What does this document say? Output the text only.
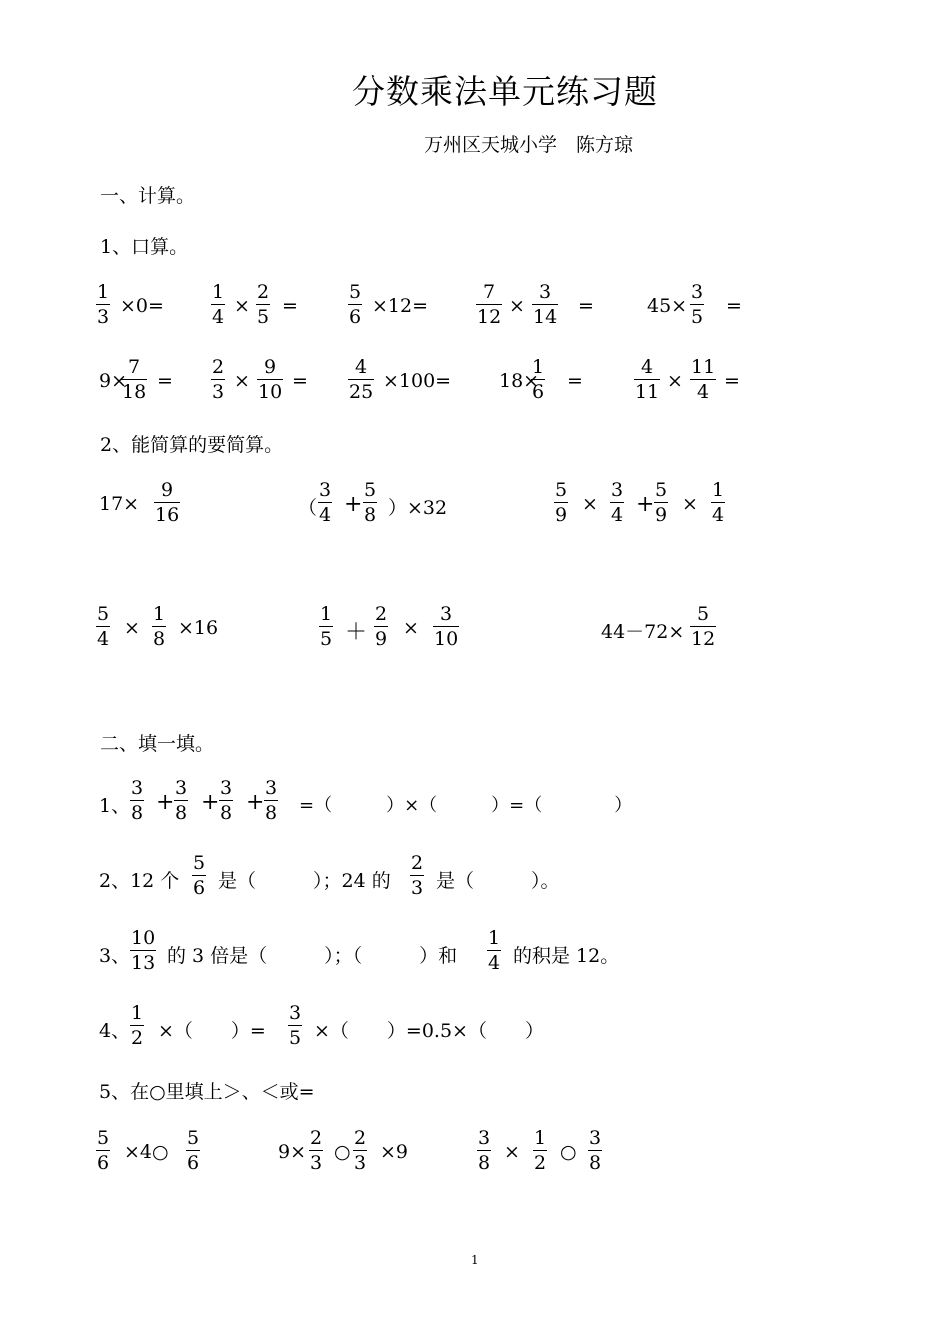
分数乘法单元练习题
万州区天城小学　陈方琼
一、计算。
1、口算。
1
3 ×0=
1
4 ×
2
5 =
5
6 ×12=
7
12 ×
3
14 =	45×
3
5 =
9×
7
18 =
2
3 ×
9
10 =
4
25 ×100=	18×
1
6 =
4
11 ×
11
4 =
2、能简算的要简算。
17×
9
16	（
3
4 +
5
8 ）×32
5
9 ×
3
4 +
5
9 ×
1
4
5
4 ×
1
8 ×16
1
5 ＋
2
9 ×
3
10	44－72×
5
12
二、填一填。
1、
3
8 +
3
8 +
3
8 +
3
8 =（　　　）×（　　　）=（　　　　）
2、12 个
5
6 是（　　　）；24 的
2
3 是（　　　）。
3、
10
13 的 3 倍是（　　　）；（　　　）和
1
4 的积是 12。
4、
1
2 ×（　　）=
3
5 ×（　　）=0.5×（　　）
5、在○里填上＞、＜或=
5
6 ×4○
5
6	9×
2
3 ○
2
3 ×9
3
8 ×
1
2 ○
3
8
1
